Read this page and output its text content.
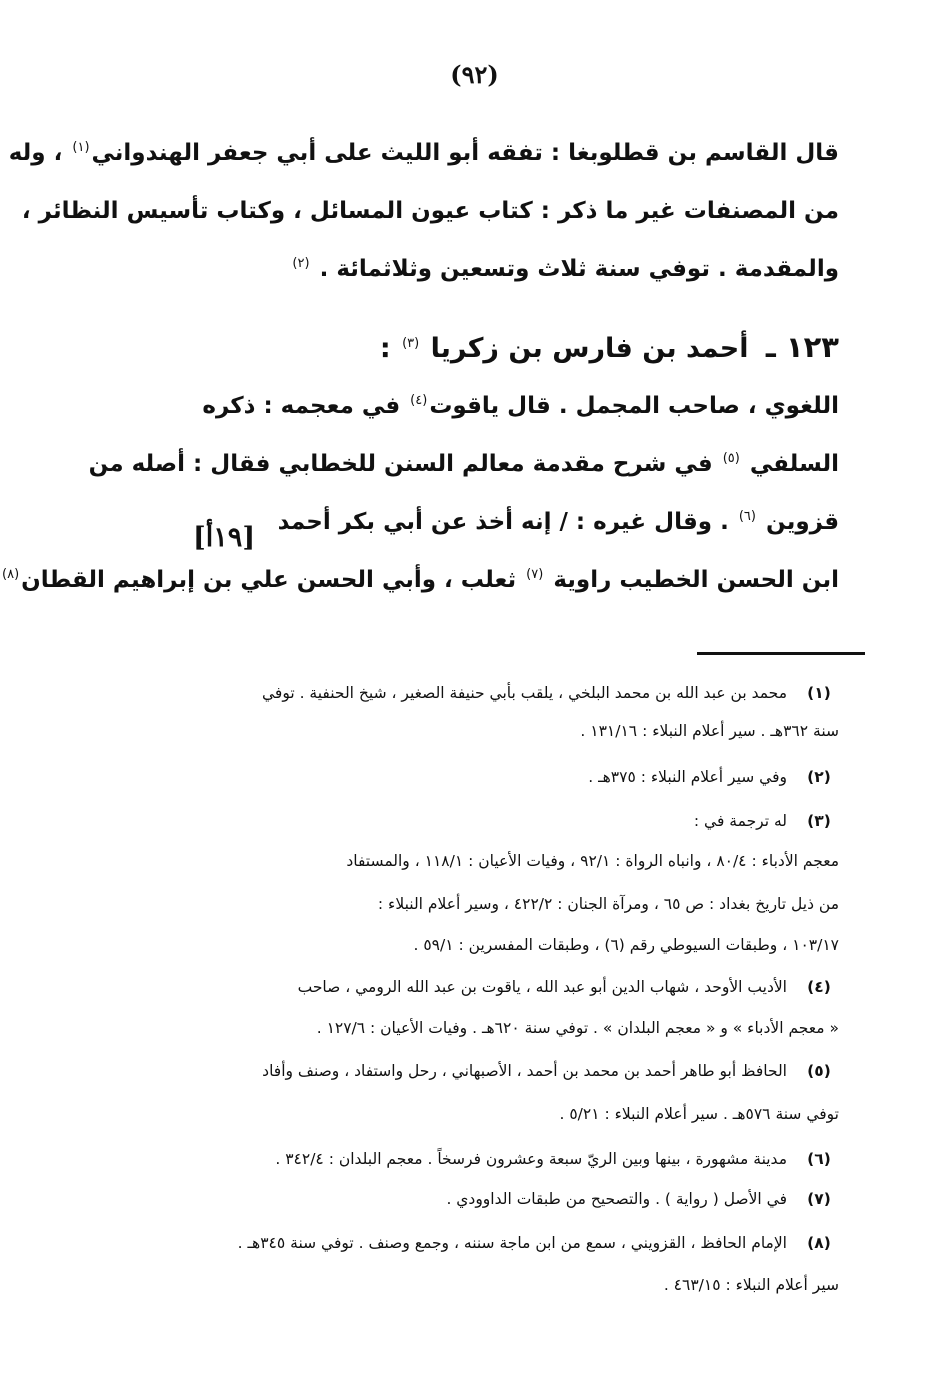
(٩٢)
قال القاسم بن قطلوبغا : تفقه أبو الليث على أبي جعفر الهندواني$^{(١)}$ ، وله
من المصنفات غير ما ذكر : كتاب عيون المسائل ، وكتاب تأسيس النظائر ،
والمقدمة . توفي سنة ثلاث وتسعين وثلاثمائة . $^{(٢)}$
١٢٣ ـ أحمد بن فارس بن زكريا $^{(٣)}$ :
اللغوي ، صاحب المجمل . قال ياقوت$^{(٤)}$ في معجمه : ذكره
السلفي $^{(٥)}$ في شرح مقدمة معالم السنن للخطابي فقال : أصله من
قزوين $^{(٦)}$ . وقال غيره : / إنه أخذ عن أبي بكر أحمد
ابن الحسن الخطيب راوية $^{(٧)}$ ثعلب ، وأبي الحسن علي بن إبراهيم القطان$^{(٨)}$
[١٩أ]
(١)
محمد بن عبد الله بن محمد البلخي ، يلقب بأبي حنيفة الصغير ، شيخ الحنفية . توفي
سنة ٣٦٢هـ . سير أعلام النبلاء : ١٣١/١٦ .
(٢)
وفي سير أعلام النبلاء : ٣٧٥هـ .
(٣)
له ترجمة في :
معجم الأدباء : ٨٠/٤ ، وانباه الرواة : ٩٢/١ ، وفيات الأعيان : ١١٨/١ ، والمستفاد
من ذيل تاريخ بغداد : ص ٦٥ ، ومرآة الجنان : ٤٢٢/٢ ، وسير أعلام النبلاء :
١٠٣/١٧ ، وطبقات السيوطي رقم (٦) ، وطبقات المفسرين : ٥٩/١ .
(٤)
الأديب الأوحد ، شهاب الدين أبو عبد الله ، ياقوت بن عبد الله الرومي ، صاحب
« معجم الأدباء » و « معجم البلدان » . توفي سنة ٦٢٠هـ . وفيات الأعيان : ١٢٧/٦ .
(٥)
الحافظ أبو طاهر أحمد بن محمد بن أحمد ، الأصبهاني ، رحل واستفاد ، وصنف وأفاد
توفي سنة ٥٧٦هـ . سير أعلام النبلاء : ٥/٢١ .
(٦)
مدينة مشهورة ، بينها وبين الريّ سبعة وعشرون فرسخاً . معجم البلدان : ٣٤٢/٤ .
(٧)
في الأصل ( رواية ) . والتصحيح من طبقات الداوودي .
(٨)
الإمام الحافظ ، القزويني ، سمع من ابن ماجة سننه ، وجمع وصنف . توفي سنة ٣٤٥هـ .
سير أعلام النبلاء : ٤٦٣/١٥ .
